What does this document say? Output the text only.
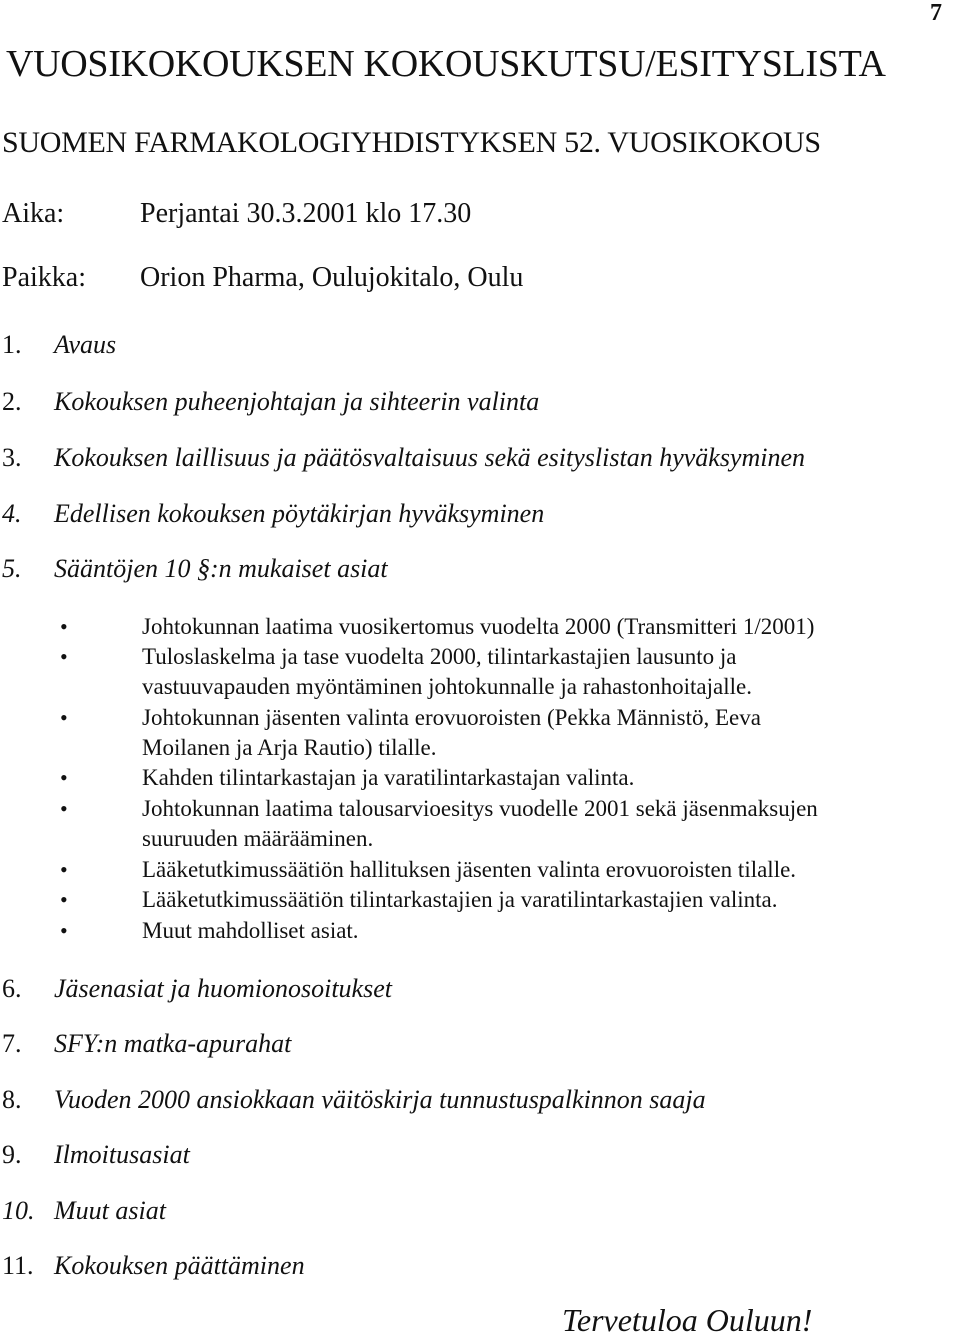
7
VUOSIKOKOUKSEN KOKOUSKUTSU/ESITYSLISTA
SUOMEN FARMAKOLOGIYHDISTYKSEN 52. VUOSIKOKOUS
Aika:	Perjantai 30.3.2001 klo 17.30
Paikka: Orion Pharma, Oulujokitalo, Oulu
1. Avaus
2. Kokouksen puheenjohtajan ja sihteerin valinta
3. Kokouksen laillisuus ja päätösvaltaisuus sekä esityslistan hyväksyminen
4. Edellisen kokouksen pöytäkirjan hyväksyminen
5. Sääntöjen 10 §:n mukaiset asiat
•	Johtokunnan laatima vuosikertomus vuodelta 2000 (Transmitteri 1/2001)
•	Tuloslaskelma ja tase vuodelta 2000, tilintarkastajien lausunto ja
vastuuvapauden myöntäminen johtokunnalle ja rahastonhoitajalle.
•	Johtokunnan jäsenten valinta erovuoroisten (Pekka Männistö, Eeva
Moilanen ja Arja Rautio) tilalle.
•	Kahden tilintarkastajan ja varatilintarkastajan valinta.
•	Johtokunnan laatima talousarvioesitys vuodelle 2001 sekä jäsenmaksujen
suuruuden määrääminen.
•	Lääketutkimussäätiön hallituksen jäsenten valinta erovuoroisten tilalle.
•	Lääketutkimussäätiön tilintarkastajien ja varatilintarkastajien valinta.
•	Muut mahdolliset asiat.
6. Jäsenasiat ja huomionosoitukset
7. SFY:n matka-apurahat
8. Vuoden 2000 ansiokkaan väitöskirja tunnustuspalkinnon saaja
9. Ilmoitusasiat
10. Muut asiat
11. Kokouksen päättäminen
Tervetuloa Ouluun!
